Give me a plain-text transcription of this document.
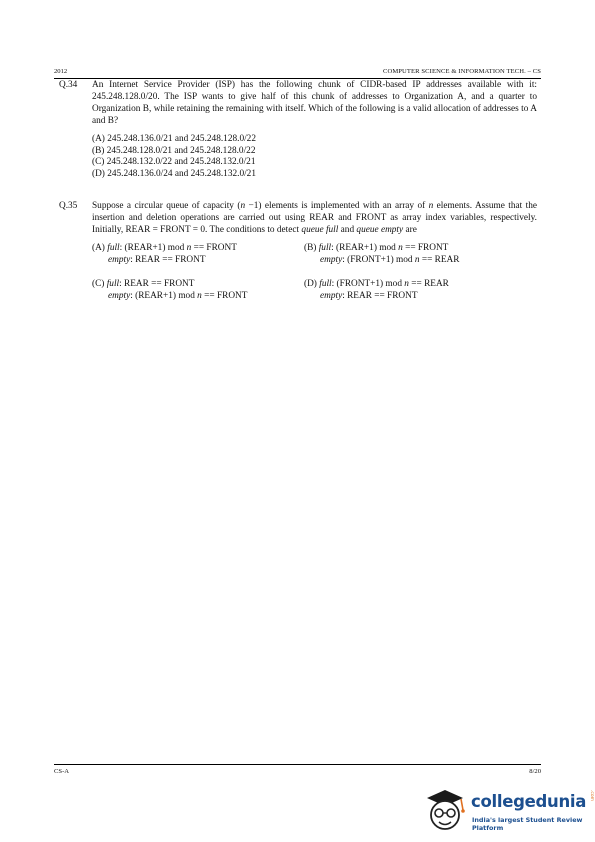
2012	COMPUTER SCIENCE & INFORMATION TECH. – CS
Q.34 An Internet Service Provider (ISP) has the following chunk of CIDR-based IP addresses available with it: 245.248.128.0/20. The ISP wants to give half of this chunk of addresses to Organization A, and a quarter to Organization B, while retaining the remaining with itself. Which of the following is a valid allocation of addresses to A and B?
(A) 245.248.136.0/21 and 245.248.128.0/22
(B) 245.248.128.0/21 and 245.248.128.0/22
(C) 245.248.132.0/22 and 245.248.132.0/21
(D) 245.248.136.0/24 and 245.248.132.0/21
Q.35 Suppose a circular queue of capacity (n −1) elements is implemented with an array of n elements. Assume that the insertion and deletion operations are carried out using REAR and FRONT as array index variables, respectively. Initially, REAR = FRONT = 0. The conditions to detect queue full and queue empty are
(A) full: (REAR+1) mod n == FRONT
empty: REAR == FRONT
(B) full: (REAR+1) mod n == FRONT
empty: (FRONT+1) mod n == REAR
(C) full: REAR == FRONT
empty: (REAR+1) mod n == FRONT
(D) full: (FRONT+1) mod n == REAR
empty: REAR == FRONT
CS-A	8/20
collegedunia .com
India's largest Student Review Platform
